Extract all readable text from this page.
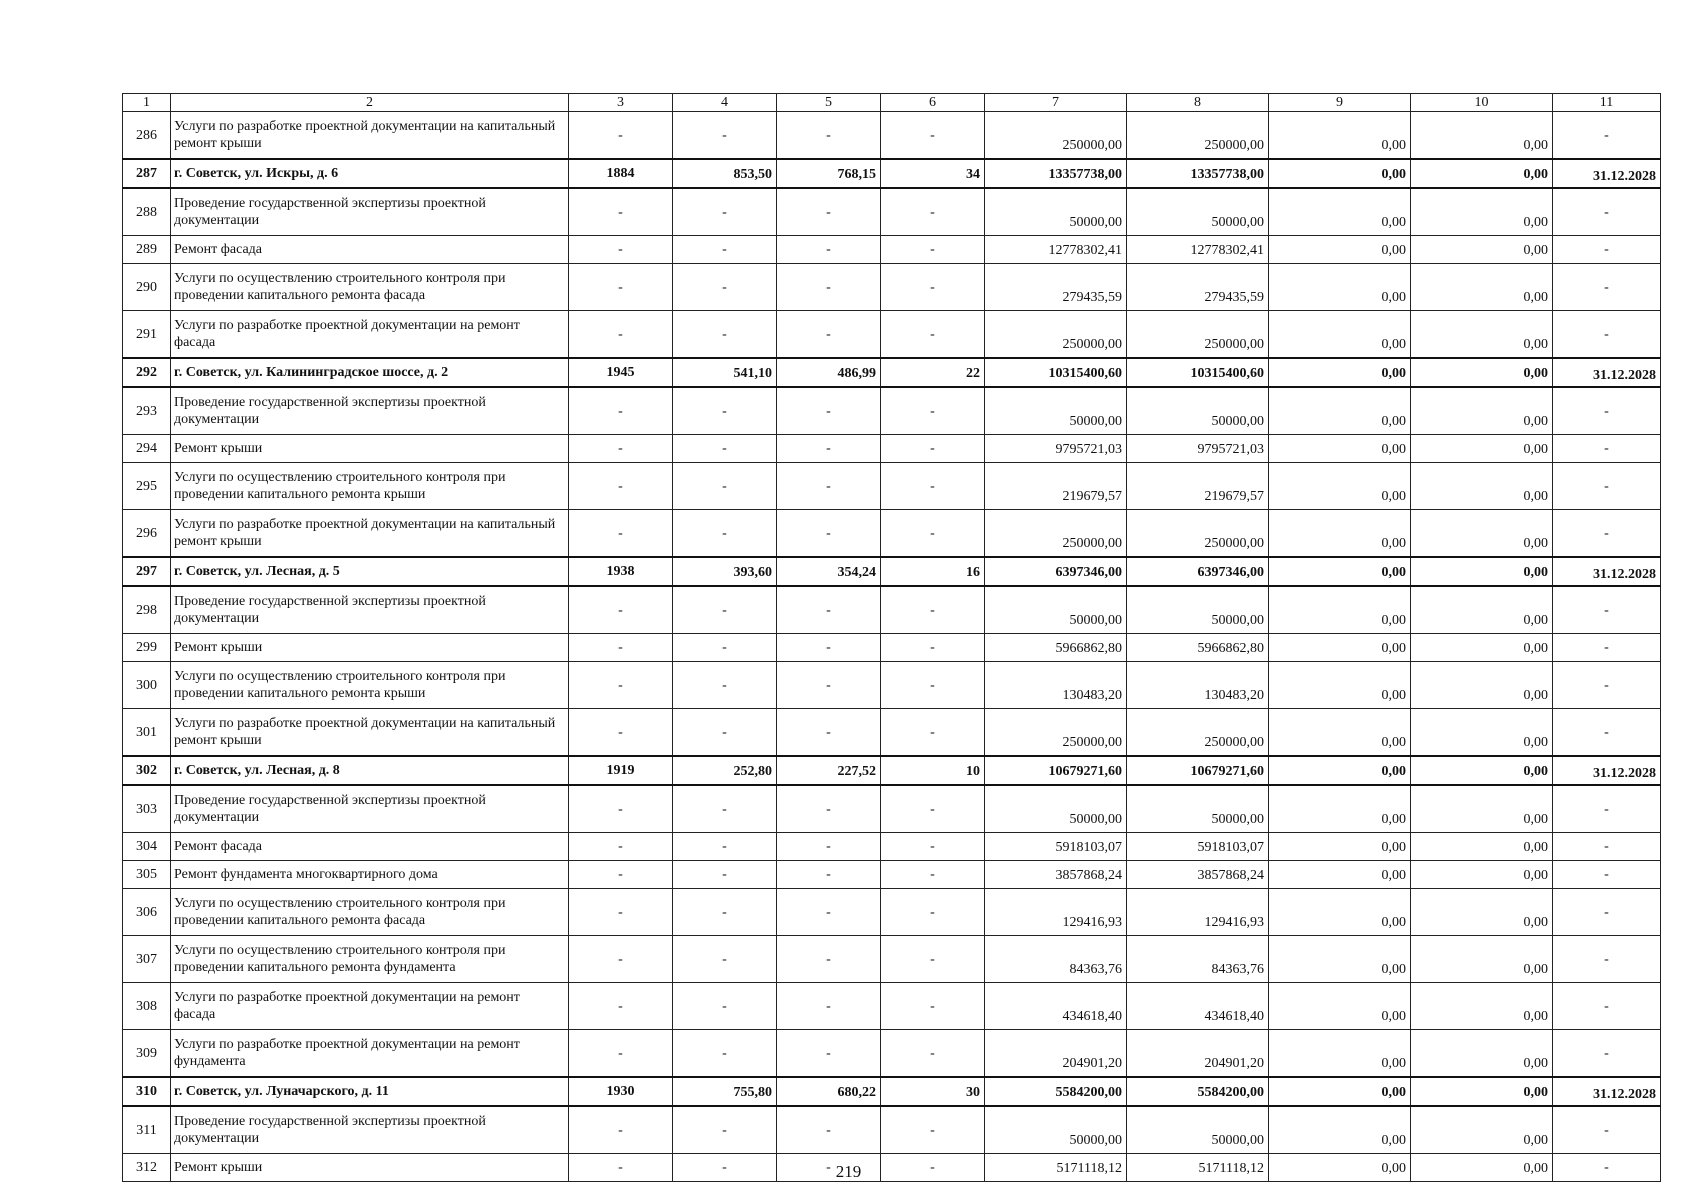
1	2	3	4	5	6	7	8	9	10	11
286	Услуги по разработке проектной документации на капитальный ремонт крыши	-	-	-	-	250000,00	250000,00	0,00	0,00	-
287	г. Советск, ул. Искры, д. 6	1884	853,50	768,15	34	13357738,00	13357738,00	0,00	0,00	31.12.2028
288	Проведение государственной экспертизы проектной документации	-	-	-	-	50000,00	50000,00	0,00	0,00	-
289	Ремонт фасада	-	-	-	-	12778302,41	12778302,41	0,00	0,00	-
290	Услуги по осуществлению строительного контроля при проведении капитального ремонта фасада	-	-	-	-	279435,59	279435,59	0,00	0,00	-
291	Услуги по разработке проектной документации на ремонт фасада	-	-	-	-	250000,00	250000,00	0,00	0,00	-
292	г. Советск, ул. Калининградское шоссе, д. 2	1945	541,10	486,99	22	10315400,60	10315400,60	0,00	0,00	31.12.2028
293	Проведение государственной экспертизы проектной документации	-	-	-	-	50000,00	50000,00	0,00	0,00	-
294	Ремонт крыши	-	-	-	-	9795721,03	9795721,03	0,00	0,00	-
295	Услуги по осуществлению строительного контроля при проведении капитального ремонта крыши	-	-	-	-	219679,57	219679,57	0,00	0,00	-
296	Услуги по разработке проектной документации на капитальный ремонт крыши	-	-	-	-	250000,00	250000,00	0,00	0,00	-
297	г. Советск, ул. Лесная, д. 5	1938	393,60	354,24	16	6397346,00	6397346,00	0,00	0,00	31.12.2028
298	Проведение государственной экспертизы проектной документации	-	-	-	-	50000,00	50000,00	0,00	0,00	-
299	Ремонт крыши	-	-	-	-	5966862,80	5966862,80	0,00	0,00	-
300	Услуги по осуществлению строительного контроля при проведении капитального ремонта крыши	-	-	-	-	130483,20	130483,20	0,00	0,00	-
301	Услуги по разработке проектной документации на капитальный ремонт крыши	-	-	-	-	250000,00	250000,00	0,00	0,00	-
302	г. Советск, ул. Лесная, д. 8	1919	252,80	227,52	10	10679271,60	10679271,60	0,00	0,00	31.12.2028
303	Проведение государственной экспертизы проектной документации	-	-	-	-	50000,00	50000,00	0,00	0,00	-
304	Ремонт фасада	-	-	-	-	5918103,07	5918103,07	0,00	0,00	-
305	Ремонт фундамента многоквартирного дома	-	-	-	-	3857868,24	3857868,24	0,00	0,00	-
306	Услуги по осуществлению строительного контроля при проведении капитального ремонта фасада	-	-	-	-	129416,93	129416,93	0,00	0,00	-
307	Услуги по осуществлению строительного контроля при проведении капитального ремонта фундамента	-	-	-	-	84363,76	84363,76	0,00	0,00	-
308	Услуги по разработке проектной документации на ремонт фасада	-	-	-	-	434618,40	434618,40	0,00	0,00	-
309	Услуги по разработке проектной документации на ремонт фундамента	-	-	-	-	204901,20	204901,20	0,00	0,00	-
310	г. Советск, ул. Луначарского, д. 11	1930	755,80	680,22	30	5584200,00	5584200,00	0,00	0,00	31.12.2028
311	Проведение государственной экспертизы проектной документации	-	-	-	-	50000,00	50000,00	0,00	0,00	-
312	Ремонт крыши	-	-	-	-	5171118,12	5171118,12	0,00	0,00	-
219
